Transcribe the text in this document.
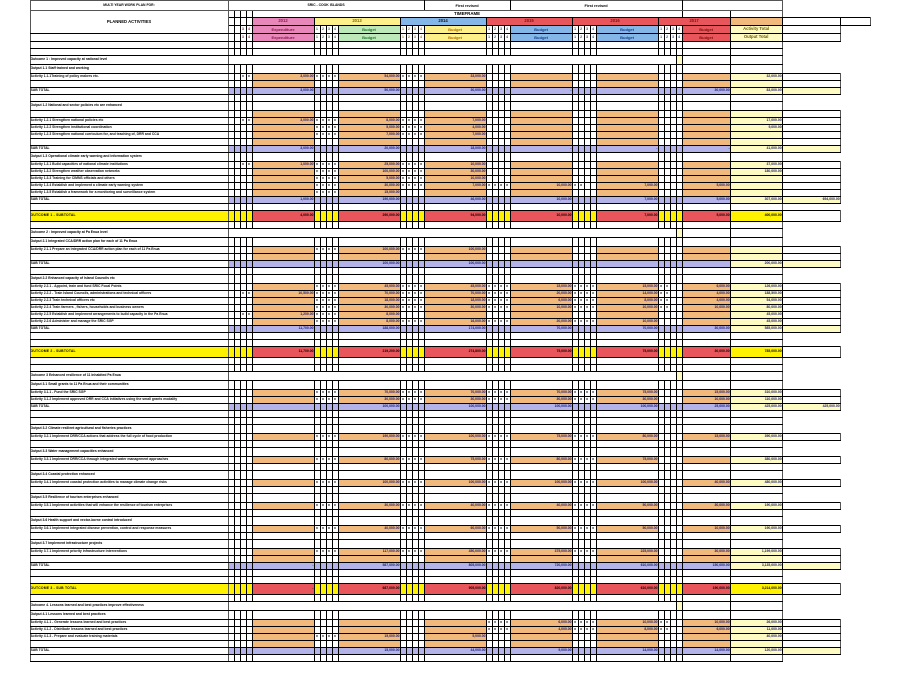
	MULTI YEAR WORK PLAN FOR:	SRIC - COOK ISLANDS														First revised					First revised														
	PLANNED ACTIVITIES					TIMEFRAME																													
						2012	2013					2014					2015					2016					2017								
				3	4	Expenditure	1	2	3	4	Budget	1	2	3	4	Budget	1	2	3	4	Budget	1	2	3	4	Budget	1	2	3	4	Budget	Activity Total			
				3	4	Expenditure	1	2	3	4	Budget	1	2	3	4	Budget	1	2	3	4	Budget	1	2	3	4	Budget	1	2	3	4	Budget	Output Total			

	Outcome 1 : Improved capacity at national level																																		
	Output 1.1 Staff trained and working																																		
	Activity 1.1.1Training of policy makers etc.			x	x	3,000.00	x	x	x	x	54,000.00	x	x	x	x	33,000.00																32,000.00			

	SUB TOTAL					3,000.00					50,000.00					30,000.00					-										30,000.00	83,000.00			

	Output 1.2 National and sector policies etc are enhanced																																		

	Activity 1.2.1 Strengthen national policies etc			x	x	3,000.00	x	x	x	x	8,000.00	x	x	x	x	7,000.00																17,000.00			
	Activity 1.2.2 Strengthen institutional coordination						x	x	x	x	5,000.00	x	x	x	x	4,000.00																9,000.00			
	Activity 1.2.3 Strengthen national curriculum for, and teaching of, DRR and CCA						x	x	x	x	7,000.00	x	x	x	x	7,000.00																			

	SUB TOTAL					3,000.00					20,000.00					18,000.00					-					-					-	41,000.00			
	Output 1.3 Operational climate early warning and information system																																		
	Activity 1.3.1 Build capacities of national climate institutions			x	x	1,000.00	x	x	x	x	25,000.00	x	x	x	x	10,000.00																37,000.00			
	Activity 1.3.2 Strengthen weather observation networks						x	x	x	x	100,000.00	x	x	x	x	30,000.00																180,000.00			
	Activity 1.3.3 Training for CIMNS officials and others						x	x	x	x	5,000.00	x	x	x	x	10,000.00																			
	Activity 1.3.4 Establish and implement a climate early warning system						x	x	x	x	30,000.00	x	x	x	x	7,000.00	x	x	x	x	10,000.00	x	x			7,000.00					5,000.00				
	Activity 1.3.5 Establish a framework for a monitoring and surveillance system						x	x	x	x	15,000.00																								
	SUB TOTAL					1,000.00					190,000.00					46,000.00					10,000.00					7,000.00					5,000.00	307,000.00	694,000.00		

	OUTCOME 1 - SUBTOTAL					4,000.00					290,000.00					94,000.00					10,000.00					7,000.00					5,000.00	400,000.00			

	Outcome 2 : Improved capacity at Pa Enua level																																		
	Output 2.1 Integrated CCA/DRR action plan for each of 11 Pa Enua																																		
	Activity 2.1.1 Prepare an integrated CCA/DRR action plan for each of 11 Pa Enua						x	x	x	x	100,000.00	x	x	x	x	100,000.00																			

	SUB TOTAL										100,000.00					100,000.00																200,000.00			

	Output 2.2 Enhanced capacity of Island Councils etc																																		
	Activity 2.2.1 - Appoint, train and fund SRIC Focal Points						x	x	x	x	45,000.00	x	x	x	x	45,000.00	x	x	x	x	15,000.00	x	x	x	x	15,000.00	x	x			6,000.00	126,000.00			
	Activity 2.2.2 - Train Island Councils, administrations and technical officers			x	x	10,500.00	x	x	x	x	70,000.00	x	x	x	x	70,000.00	x	x	x	x	20,000.00	x	x	x	x	14,000.00	x	x			4,000.00	188,500.00			
	Activity 2.2.3 Train technical officers etc						x	x	x	x	18,000.00	x	x	x	x	18,000.00	x	x	x	x	6,000.00	x	x	x	x	8,000.00	x	x			4,000.00	54,000.00			
	Activity 2.2.4 Train farmers , fishers, households and business owners						x	x	x	x	30,000.00	x	x	x	x	30,000.00	x	x	x	x	10,000.00	x	x	x	x	10,000.00	x	x			10,000.00	80,000.00			
	Activity 2.2.5 Establish and implement arrangements to build capacity in the Pa Enua			x	x	1,200.00	x	x	x	x	8,000.00																					45,000.00			
	Activity 2.2.6 Administer and manage the SRIC SGP						x	x	x	x	8,000.00	x	x	x	x	16,000.00	x	x	x	x	20,000.00	x	x	x	x	10,000.00						45,000.00			
	SUB TOTAL					11,700.00					188,000.00					174,000.00					70,000.00					70,000.00					30,000.00	585,000.00			

	OUTCOME 2 - SUBTOTAL					11,700.00					219,200.00					274,800.00					75,000.00					75,000.00					30,000.00	785,000.00			

	Outcome 3 Enhanced resilience of 11 Inhabited Pa Enua																																		
	Output 3.1 Small grants to 11 Pa Enua and their communities																																		
	Activity 3.1.1 - Fund the SRIC SGP						x	x	x	x	70,000.00	x	x	x	x	70,000.00	x	x	x	x	70,000.00	x	x	x	x	75,000.00					15,000.00	310,000.00			
	Activity 3.1.2 Implement approved DRR and CCA initiatives using the small grants modality						x	x	x	x	30,000.00	x	x	x	x	30,000.00	x	x	x	x	30,000.00	x	x	x	x	30,000.00					10,000.00	110,000.00			
	SUB TOTAL										100,000.00					100,000.00					100,000.00					100,000.00					25,000.00	425,000.00	425,000.00		

	Output 3.2 Climate resilient agricultural and fisheries practices																																		
	Activity 3.2.1 Implement DRR/CCA actions that address the full cycle of food production						x	x	x	x	190,000.00	x	x	x	x	100,000.00	x	x	x	x	75,000.00	x	x	x	x	80,000.00					15,000.00	390,000.00			

	Output 3.3 Water management capacities enhanced																																		
	Activity 3.3.1 Implement DRR/CCA through integrated water management approaches						x	x	x	x	80,000.00	x	x	x	x	75,000.00	x	x	x	x	80,000.00	x	x	x	x	75,000.00						380,000.00			

	Output 3.4 Coastal protection enhanced																																		
	Activity 3.4.1 Implement coastal protection activities to manage climate change risks						x	x	x	x	100,000.00	x	x	x	x	100,000.00	x	x	x	x	100,000.00	x	x	x	x	100,000.00					40,000.00	480,000.00			

	Output 3.5 Resilience of tourism enterprises enhanced																																		
	Activity 3.5.1 Implement activities that will enhance the resilience of tourism enterprises						x	x	x	x	30,000.00	x	x	x	x	40,000.00	x	x	x	x	40,000.00	x	x	x	x	50,000.00					30,000.00	190,000.00			

	Output 3.6 Health support and vector-borne control introduced																																		
	Activity 3.6.1 Implement integrated disease prevention, control and response measures						x	x	x	x	40,000.00	x	x	x	x	60,000.00	x	x	x	x	50,000.00	x	x	x	x	50,000.00					10,000.00	190,000.00			

	Output 3.7 Implement infrastructure projects																																		
	Activity 3.7.1 Implement priority infrastructure interventions						x	x	x	x	117,000.00	x	x	x	x	450,000.00	x	x	x	x	375,000.00	x	x	x	x	225,000.00					30,000.00	1,199,000.00			

	SUB TOTAL					-					587,000.00					805,000.00					720,000.00					610,000.00					150,000.00	3,135,000.00			

	OUTCOME 3 - SUB TOTAL					-					687,000.00					905,000.00					820,000.00					610,000.00					190,000.00	3,214,000.00			

	Outcome 4. Lessons learned and best practices improve effectiveness																																		
	Output 4.1 Lessons learned and best practices																																		
	Activity 4.1.1 - Generate lessons learned and best practices																x	x	x	x	6,000.00	x	x	x	x	10,000.00	x	x			10,000.00	26,000.00			
	Activity 4.1.2 - Distribute lessons learned and best practices																x	x	x	x	4,000.00	x	x	x	x	8,000.00	x	x			6,000.00	11,000.00			
	Activity 4.1.3 - Prepare and evaluate training materials						x	x	x	x	15,000.00					5,000.00																40,000.00			

	SUB TOTAL										15,000.00					44,000.00					9,000.00					14,000.00					14,000.00	120,000.00			
